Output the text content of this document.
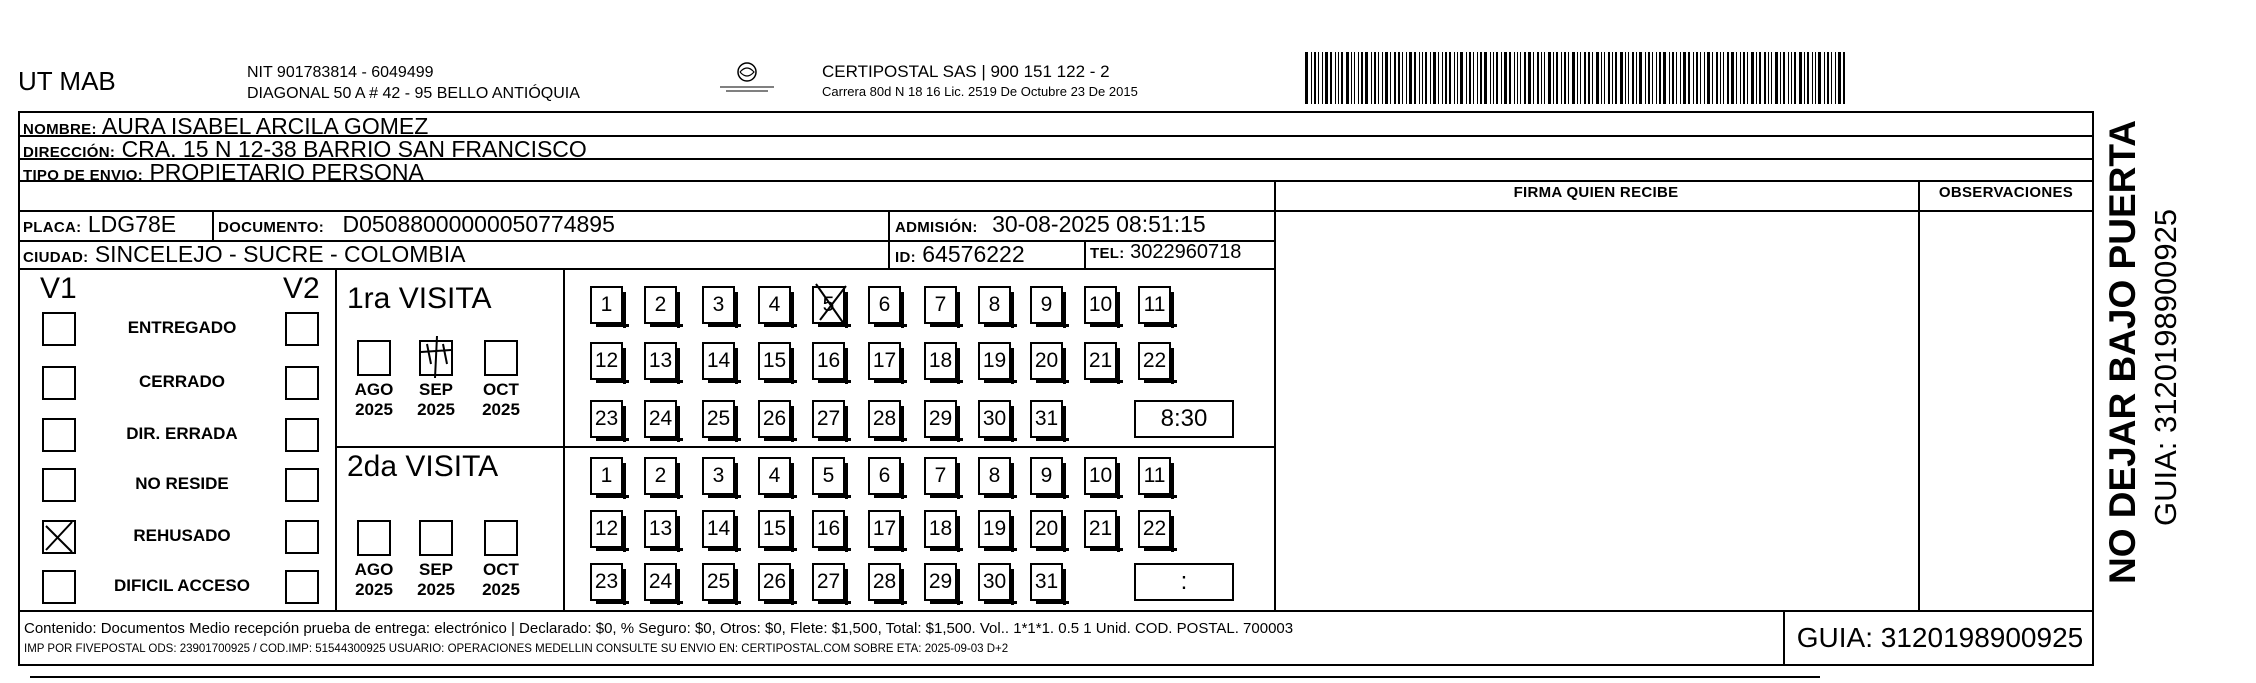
UT MAB	NIT 901783814 - 6049499
DIAGONAL 50 A # 42 - 95 BELLO ANTIÓQUIA
CERTIPOSTAL SAS | 900 151 122 - 2
Carrera 80d N 18 16 Lic. 2519 De Octubre 23 De 2015
NOMBRE: AURA ISABEL ARCILA GOMEZ
DIRECCIÓN: CRA. 15 N 12-38 BARRIO SAN FRANCISCO
TIPO DE ENVIO: PROPIETARIO PERSONA
FIRMA QUIEN RECIBE	OBSERVACIONES
PLACA: LDG78E	DOCUMENTO: D05088000000050774895	ADMISIÓN: 30-08-2025 08:51:15
CIUDAD: SINCELEJO - SUCRE - COLOMBIA	ID: 64576222	TEL: 3022960718
V1	V2
ENTREGADO
CERRADO
DIR. ERRADA
NO RESIDE
REHUSADO
DIFICIL ACCESO
1ra VISITA
2da VISITA
AGO
2025
SEP
2025
OCT
2025
AGO
2025
SEP
2025
OCT
2025
1	2	3	4	5	6	7	8	9	10 11
12 13 14 15 16 17 18 19 20 21 22
23 24 25 26 27 28 29 30 31	8:30
1	2	3	4	5	6	7	8	9	10 11
12 13 14 15 16 17 18 19 20 21 22
23 24 25 26 27 28 29 30 31	:
Contenido: Documentos Medio recepción prueba de entrega: electrónico | Declarado: $0, % Seguro: $0, Otros: $0, Flete: $1,500, Total: $1,500. Vol.. 1*1*1. 0.5 1 Unid. COD. POSTAL. 700003
IMP POR FIVEPOSTAL ODS: 23901700925 / COD.IMP: 51544300925 USUARIO: OPERACIONES MEDELLIN CONSULTE SU ENVIO EN: CERTIPOSTAL.COM SOBRE ETA: 2025-09-03 D+2	GUIA: 3120198900925
NO DEJAR BAJO PUERTA GUIA: 3120198900925
